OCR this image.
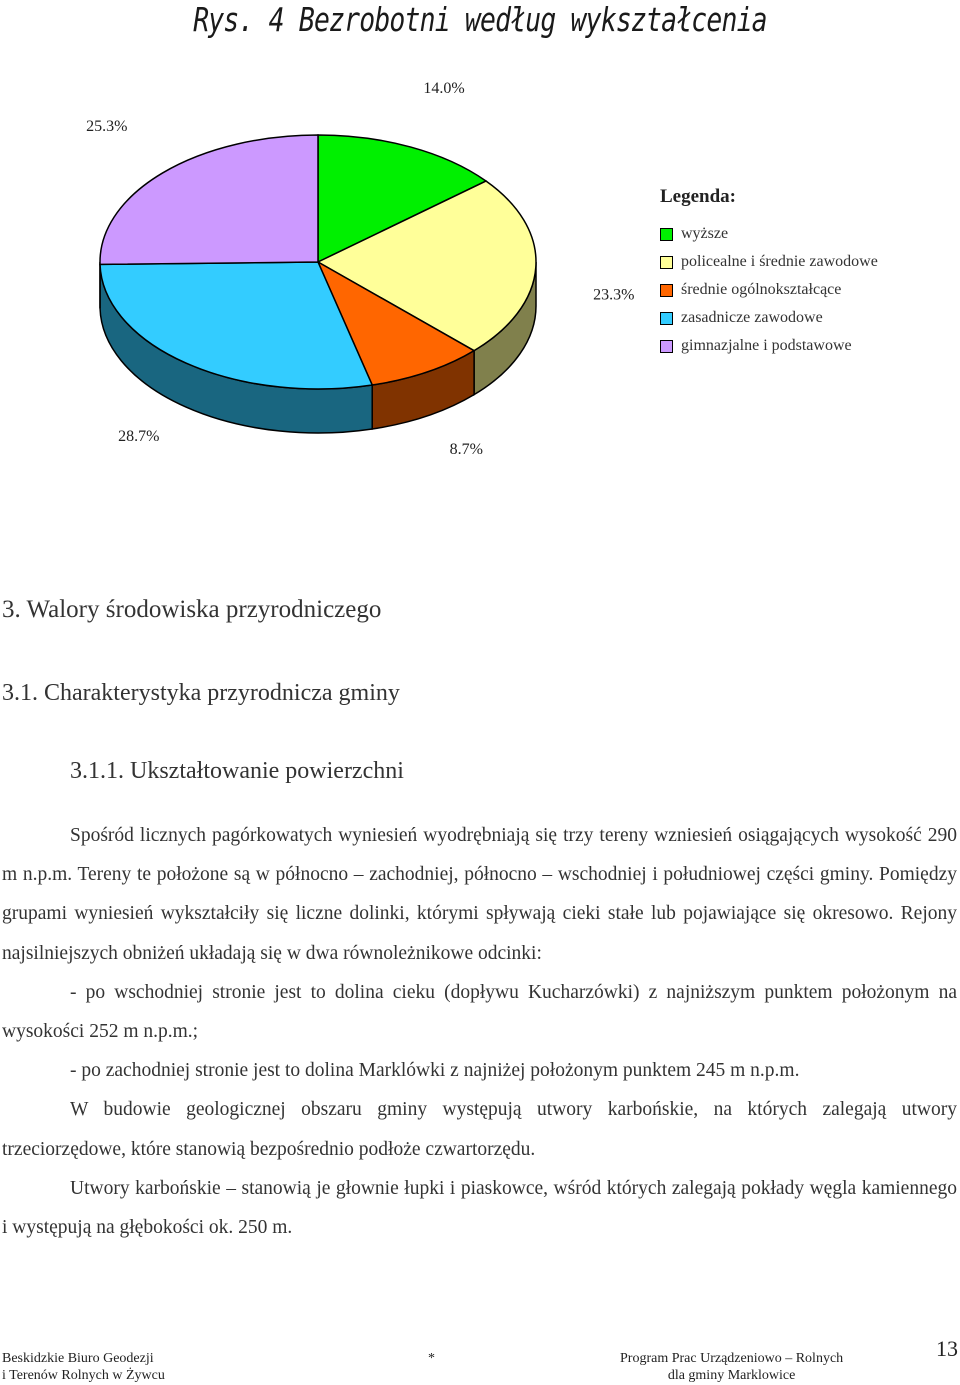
Rys. 4 Bezrobotni według wykształcenia
14.0%
23.3%
8.7%
28.7%
25.3%
Legenda:
wyższe
policealne i średnie zawodowe
średnie ogólnokształcące
zasadnicze zawodowe
gimnazjalne i podstawowe
3. Walory środowiska przyrodniczego
3.1. Charakterystyka przyrodnicza gminy
3.1.1. Ukształtowanie powierzchni

Spośród licznych pagórkowatych wyniesień wyodrębniają się trzy tereny wzniesień osiągających wysokość 290 m n.p.m. Tereny te położone są w północno – zachodniej, północno – wschodniej i południowej części gminy. Pomiędzy grupami wyniesień wykształciły się liczne dolinki, którymi spływają cieki stałe lub pojawiające się okresowo. Rejony najsilniejszych obniżeń układają się w dwa równoleżnikowe odcinki:

- po wschodniej stronie jest to dolina cieku (dopływu Kucharzówki) z najniższym punktem położonym na wysokości 252 m n.p.m.;

- po zachodniej stronie jest to dolina Marklówki z najniżej położonym punktem 245 m n.p.m.

W budowie geologicznej obszaru gminy występują utwory karbońskie, na których zalegają utwory trzeciorzędowe, które stanowią bezpośrednio podłoże czwartorzędu.

Utwory karbońskie – stanowią je głownie łupki i piaskowce, wśród których zalegają pokłady węgla kamiennego i występują na głębokości ok. 250 m.

Beskidzkie Biuro Geodezji
i Terenów Rolnych w Żywcu
*	Program Prac Urządzeniowo – Rolnych
dla gminy Marklowice
13
